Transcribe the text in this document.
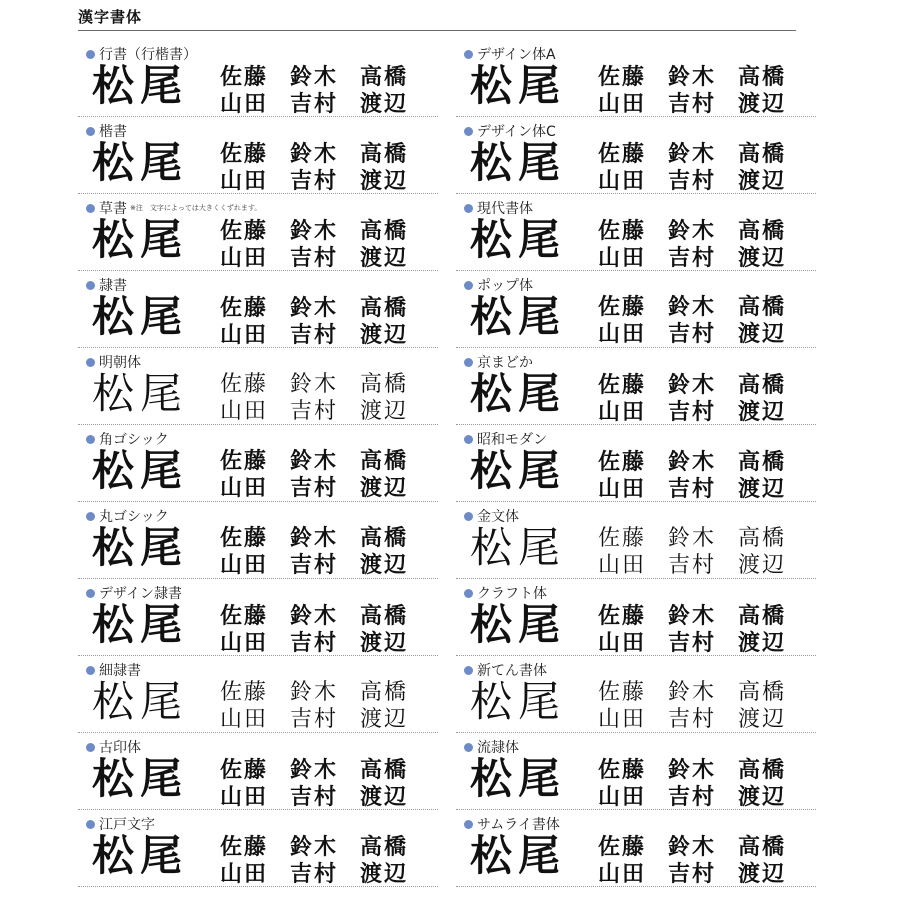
漢字書体
行書（行楷書）
松尾 佐藤 鈴木 高橋
山田 吉村 渡辺
楷書
松尾 佐藤 鈴木 高橋
山田 吉村 渡辺
草書 $^{※注 文字によっては大きくくずれます。}$
松尾 佐藤 鈴木 高橋
山田 吉村 渡辺
隷書
松尾 佐藤 鈴木 高橋
山田 吉村 渡辺
明朝体
松尾 佐藤 鈴木 高橋
山田 吉村 渡辺
角ゴシック
松尾 佐藤 鈴木 高橋
山田 吉村 渡辺
丸ゴシック
松尾 佐藤 鈴木 高橋
山田 吉村 渡辺
デザイン隷書
松尾 佐藤 鈴木 高橋
山田 吉村 渡辺
細隷書
松尾 佐藤 鈴木 高橋
山田 吉村 渡辺
古印体
松尾 佐藤 鈴木 高橋
山田 吉村 渡辺
江戸文字
松尾 佐藤 鈴木 高橋
山田 吉村 渡辺
デザイン体A
松尾 佐藤 鈴木 高橋
山田 吉村 渡辺
デザイン体C
松尾 佐藤 鈴木 高橋
山田 吉村 渡辺
現代書体
松尾 佐藤 鈴木 高橋
山田 吉村 渡辺
ポップ体
松尾 佐藤 鈴木 高橋
山田 吉村 渡辺
京まどか
松尾 佐藤 鈴木 高橋
山田 吉村 渡辺
昭和モダン
松尾 佐藤 鈴木 高橋
山田 吉村 渡辺
金文体
松尾 佐藤 鈴木 高橋
山田 吉村 渡辺
クラフト体
松尾 佐藤 鈴木 高橋
山田 吉村 渡辺
新てん書体
松尾 佐藤 鈴木 高橋
山田 吉村 渡辺
流隷体
松尾 佐藤 鈴木 高橋
山田 吉村 渡辺
サムライ書体
松尾 佐藤 鈴木 高橋
山田 吉村 渡辺
